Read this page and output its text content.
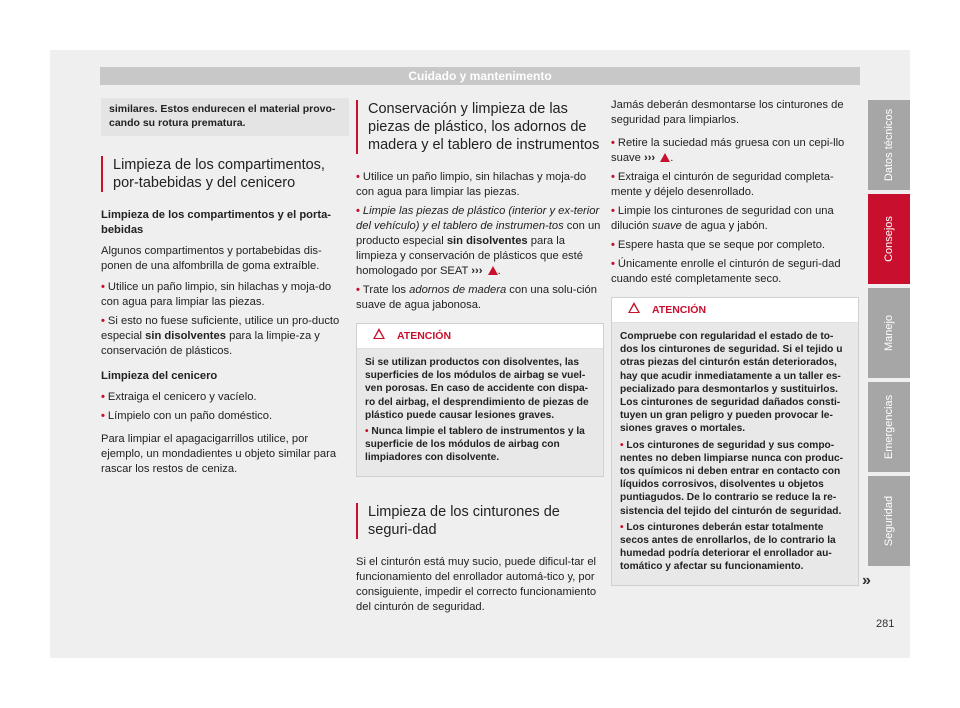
Cuidado y mantenimento
similares. Estos endurecen el material provo-cando su rotura prematura.
Limpieza de los compartimentos, por-tabebidas y del cenicero

Limpieza de los compartimentos y el porta-bebidas

Algunos compartimentos y portabebidas dis-ponen de una alfombrilla de goma extraíble.

• Utilice un paño limpio, sin hilachas y moja-do con agua para limpiar las piezas.

• Si esto no fuese suficiente, utilice un pro-ducto especial sin disolventes para la limpie-za y conservación de plásticos.

Limpieza del cenicero

• Extraiga el cenicero y vacíelo.

• Límpielo con un paño doméstico.

Para limpiar el apagacigarrillos utilice, por ejemplo, un mondadientes u objeto similar para rascar los restos de ceniza.

Conservación y limpieza de las piezas de plástico, los adornos de madera y el tablero de instrumentos

• Utilice un paño limpio, sin hilachas y moja-do con agua para limpiar las piezas.

• Limpie las piezas de plástico (interior y ex-terior del vehículo) y el tablero de instrumen-tos con un producto especial sin disolventes para la limpieza y conservación de plásticos que esté homologado por SEAT ››› .

• Trate los adornos de madera con una solu-ción suave de agua jabonosa.

ATENCIÓN

Si se utilizan productos con disolventes, las superficies de los módulos de airbag se vuel-ven porosas. En caso de accidente con dispa-ro del airbag, el desprendimiento de piezas de plástico puede causar lesiones graves.

• Nunca limpie el tablero de instrumentos y la superficie de los módulos de airbag con limpiadores con disolvente.

Limpieza de los cinturones de seguri-dad

Si el cinturón está muy sucio, puede dificul-tar el funcionamiento del enrollador automá-tico y, por consiguiente, impedir el correcto funcionamiento del cinturón de seguridad.

Jamás deberán desmontarse los cinturones de seguridad para limpiarlos.

• Retire la suciedad más gruesa con un cepi-llo suave ››› .

• Extraiga el cinturón de seguridad completa-mente y déjelo desenrollado.

• Limpie los cinturones de seguridad con una dilución suave de agua y jabón.

• Espere hasta que se seque por completo.

• Únicamente enrolle el cinturón de seguri-dad cuando esté completamente seco.

ATENCIÓN

Compruebe con regularidad el estado de to-dos los cinturones de seguridad. Si el tejido u otras piezas del cinturón están deteriorados, hay que acudir inmediatamente a un taller es-pecializado para desmontarlos y sustituirlos. Los cinturones de seguridad dañados consti-tuyen un gran peligro y pueden provocar le-siones graves o mortales.

• Los cinturones de seguridad y sus compo-nentes no deben limpiarse nunca con produc-tos químicos ni deben entrar en contacto con líquidos corrosivos, disolventes u objetos puntiagudos. De lo contrario se reduce la re-sistencia del tejido del cinturón de seguridad.

• Los cinturones deberán estar totalmente secos antes de enrollarlos, de lo contrario la humedad podría deteriorar el enrollador au-tomático y afectar su funcionamiento.

»
Datos técnicos
Consejos
Manejo
Emergencias
Seguridad
281
